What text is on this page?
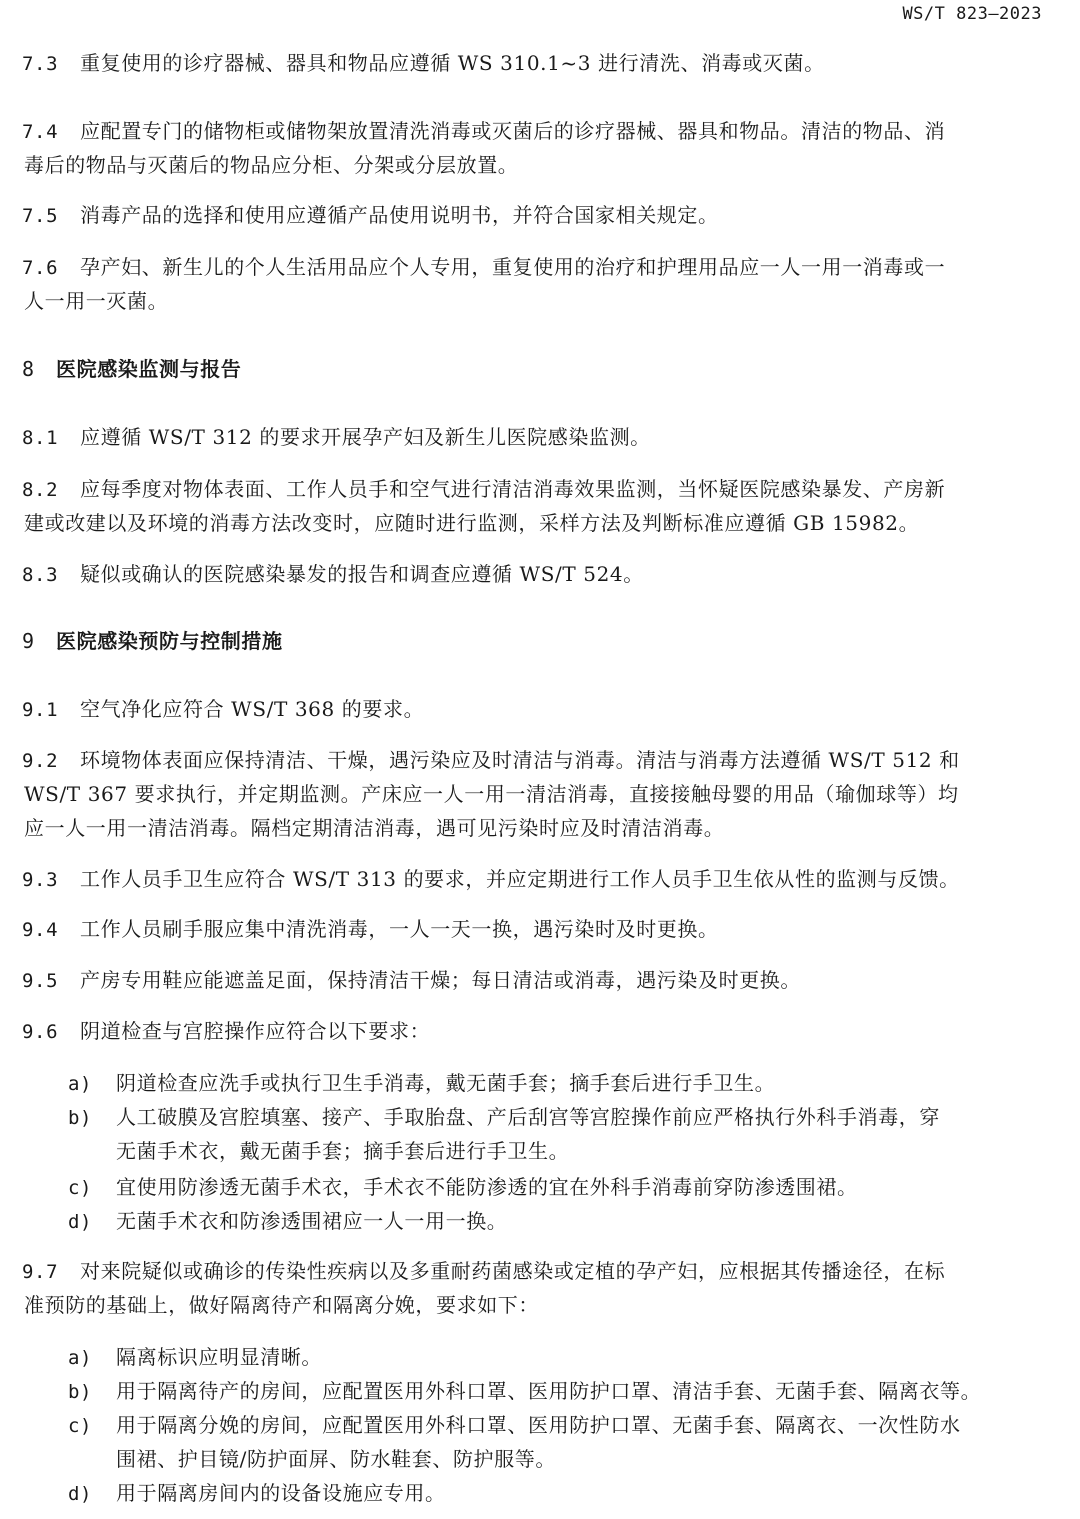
WS/T 823—2023
7.3 重复使用的诊疗器械、器具和物品应遵循 WS 310.1~3 进行清洗、消毒或灭菌。
7.4 应配置专门的储物柜或储物架放置清洗消毒或灭菌后的诊疗器械、器具和物品。清洁的物品、消
毒后的物品与灭菌后的物品应分柜、分架或分层放置。
7.5 消毒产品的选择和使用应遵循产品使用说明书，并符合国家相关规定。
7.6 孕产妇、新生儿的个人生活用品应个人专用，重复使用的治疗和护理用品应一人一用一消毒或一
人一用一灭菌。
8 医院感染监测与报告
8.1 应遵循 WS/T 312 的要求开展孕产妇及新生儿医院感染监测。
8.2 应每季度对物体表面、工作人员手和空气进行清洁消毒效果监测，当怀疑医院感染暴发、产房新
建或改建以及环境的消毒方法改变时，应随时进行监测，采样方法及判断标准应遵循 GB 15982。
8.3 疑似或确认的医院感染暴发的报告和调查应遵循 WS/T 524。
9 医院感染预防与控制措施
9.1 空气净化应符合 WS/T 368 的要求。
9.2 环境物体表面应保持清洁、干燥，遇污染应及时清洁与消毒。清洁与消毒方法遵循 WS/T 512 和
WS/T 367 要求执行，并定期监测。产床应一人一用一清洁消毒，直接接触母婴的用品（瑜伽球等）均
应一人一用一清洁消毒。隔档定期清洁消毒，遇可见污染时应及时清洁消毒。
9.3 工作人员手卫生应符合 WS/T 313 的要求，并应定期进行工作人员手卫生依从性的监测与反馈。
9.4 工作人员刷手服应集中清洗消毒，一人一天一换，遇污染时及时更换。
9.5 产房专用鞋应能遮盖足面，保持清洁干燥；每日清洁或消毒，遇污染及时更换。
9.6 阴道检查与宫腔操作应符合以下要求：
a) 阴道检查应洗手或执行卫生手消毒，戴无菌手套；摘手套后进行手卫生。
b) 人工破膜及宫腔填塞、接产、手取胎盘、产后刮宫等宫腔操作前应严格执行外科手消毒，穿
无菌手术衣，戴无菌手套；摘手套后进行手卫生。
c) 宜使用防渗透无菌手术衣，手术衣不能防渗透的宜在外科手消毒前穿防渗透围裙。
d) 无菌手术衣和防渗透围裙应一人一用一换。
9.7 对来院疑似或确诊的传染性疾病以及多重耐药菌感染或定植的孕产妇，应根据其传播途径，在标
准预防的基础上，做好隔离待产和隔离分娩，要求如下：
a) 隔离标识应明显清晰。
b) 用于隔离待产的房间，应配置医用外科口罩、医用防护口罩、清洁手套、无菌手套、隔离衣等。
c) 用于隔离分娩的房间，应配置医用外科口罩、医用防护口罩、无菌手套、隔离衣、一次性防水
围裙、护目镜/防护面屏、防水鞋套、防护服等。
d) 用于隔离房间内的设备设施应专用。
